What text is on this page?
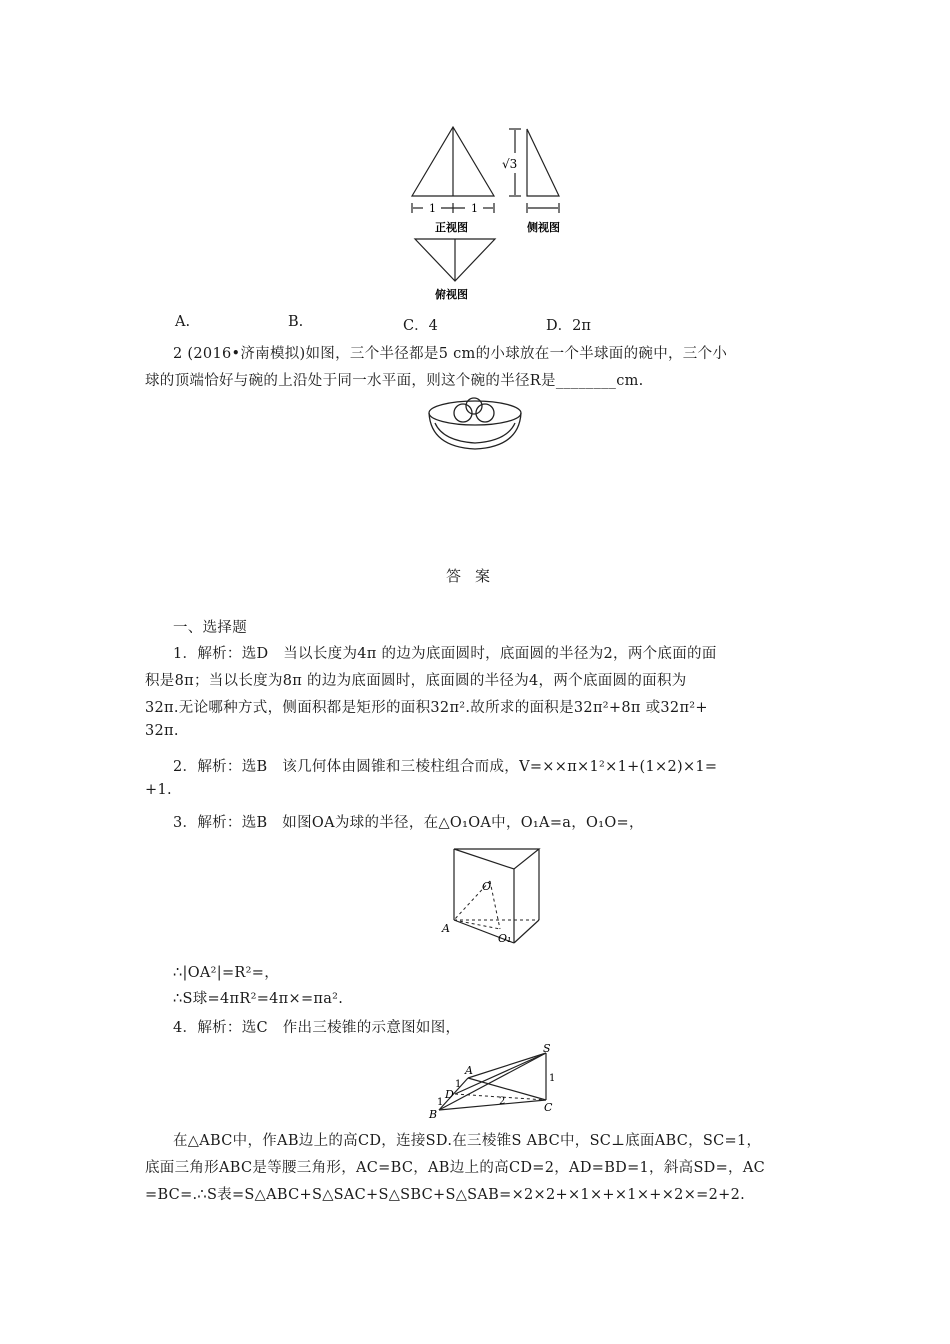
1	1
正视图
√3
侧视图
俯视图
A.	B.	C．4	D．2π
2 (2016•济南模拟)如图，三个半径都是5 cm的小球放在一个半球面的碗中，三个小
球的顶端恰好与碗的上沿处于同一水平面，则这个碗的半径R是________cm.
答案
一、选择题
1．解析：选D　当以长度为4π 的边为底面圆时，底面圆的半径为2，两个底面的面
积是8π；当以长度为8π 的边为底面圆时，底面圆的半径为4，两个底面圆的面积为
32π.无论哪种方式，侧面积都是矩形的面积32π².故所求的面积是32π²+8π 或32π²+
32π.
2．解析：选B　该几何体由圆锥和三棱柱组合而成，V=××π×1²×1+(1×2)×1=
+1.
3．解析：选B　如图OA为球的半径，在△O₁OA中，O₁A=a，O₁O=，
O
A
O₁
∴|OA²|=R²=，
∴S球=4πR²=4π×=πa².
4．解析：选C　作出三棱锥的示意图如图，
S
A
1
D
1
B
2
1
C
在△ABC中，作AB边上的高CD，连接SD.在三棱锥S ABC中，SC⊥底面ABC，SC=1，
底面三角形ABC是等腰三角形，AC=BC，AB边上的高CD=2，AD=BD=1，斜高SD=，AC
=BC=.∴S表=S△ABC+S△SAC+S△SBC+S△SAB=×2×2+×1×+×1×+×2×=2+2.
